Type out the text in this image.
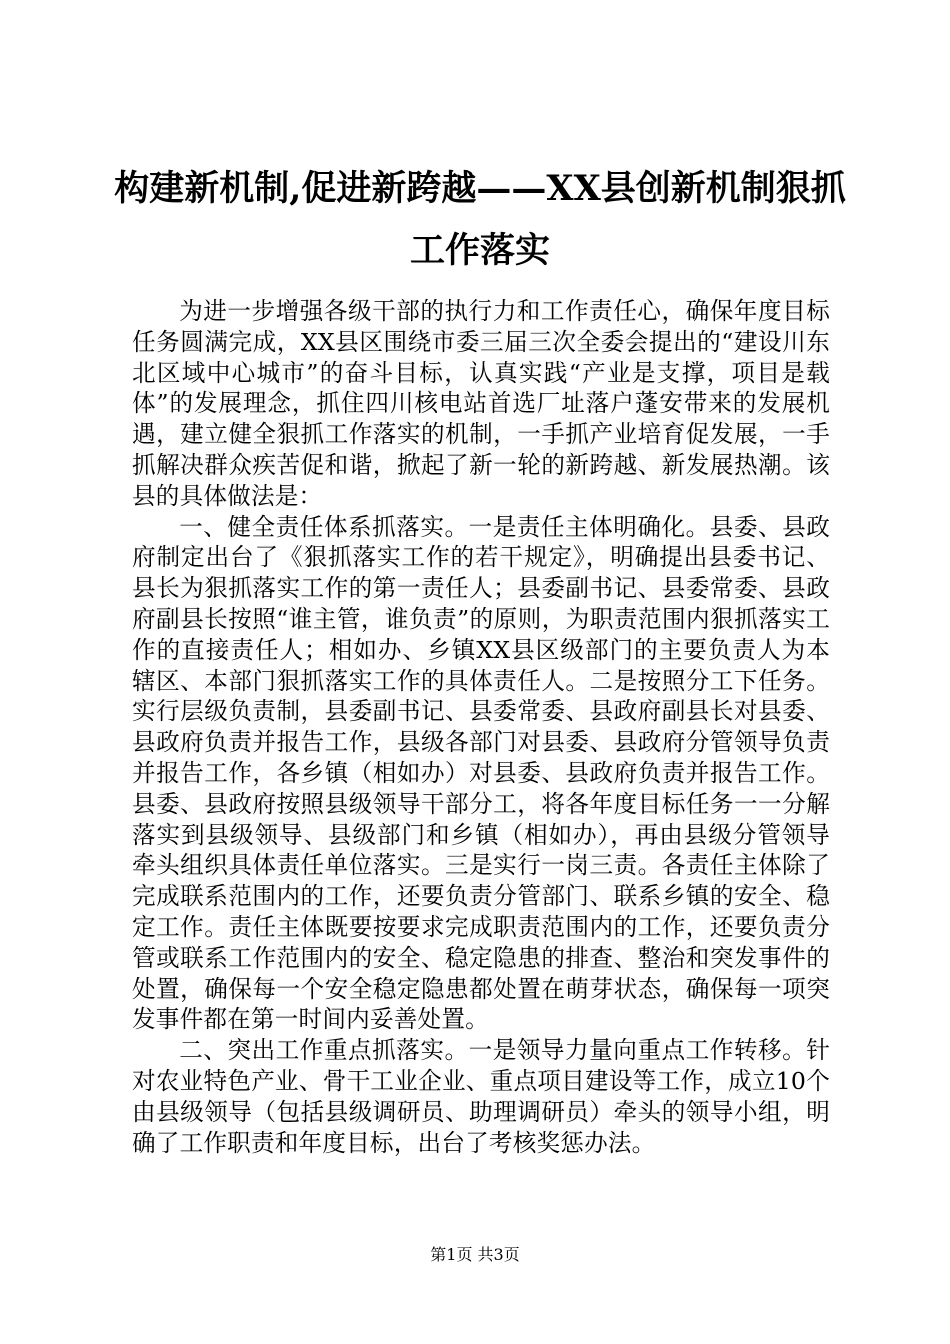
构建新机制,促进新跨越——XX县创新机制狠抓工作落实

为进一步增强各级干部的执行力和工作责任心，确保年度目标任务圆满完成，XX县区围绕市委三届三次全委会提出的“建设川东北区域中心城市”的奋斗目标，认真实践“产业是支撑，项目是载体”的发展理念，抓住四川核电站首选厂址落户蓬安带来的发展机遇，建立健全狠抓工作落实的机制，一手抓产业培育促发展，一手抓解决群众疾苦促和谐，掀起了新一轮的新跨越、新发展热潮。该县的具体做法是：

一、健全责任体系抓落实。一是责任主体明确化。县委、县政府制定出台了《狠抓落实工作的若干规定》，明确提出县委书记、县长为狠抓落实工作的第一责任人；县委副书记、县委常委、县政府副县长按照“谁主管，谁负责”的原则，为职责范围内狠抓落实工作的直接责任人；相如办、乡镇XX县区级部门的主要负责人为本辖区、本部门狠抓落实工作的具体责任人。二是按照分工下任务。实行层级负责制，县委副书记、县委常委、县政府副县长对县委、县政府负责并报告工作，县级各部门对县委、县政府分管领导负责并报告工作，各乡镇（相如办）对县委、县政府负责并报告工作。县委、县政府按照县级领导干部分工，将各年度目标任务一一分解落实到县级领导、县级部门和乡镇（相如办），再由县级分管领导牵头组织具体责任单位落实。三是实行一岗三责。各责任主体除了完成联系范围内的工作，还要负责分管部门、联系乡镇的安全、稳定工作。责任主体既要按要求完成职责范围内的工作，还要负责分管或联系工作范围内的安全、稳定隐患的排查、整治和突发事件的处置，确保每一个安全稳定隐患都处置在萌芽状态，确保每一项突发事件都在第一时间内妥善处置。

二、突出工作重点抓落实。一是领导力量向重点工作转移。针对农业特色产业、骨干工业企业、重点项目建设等工作，成立10个由县级领导（包括县级调研员、助理调研员）牵头的领导小组，明确了工作职责和年度目标，出台了考核奖惩办法。

第1页 共3页
